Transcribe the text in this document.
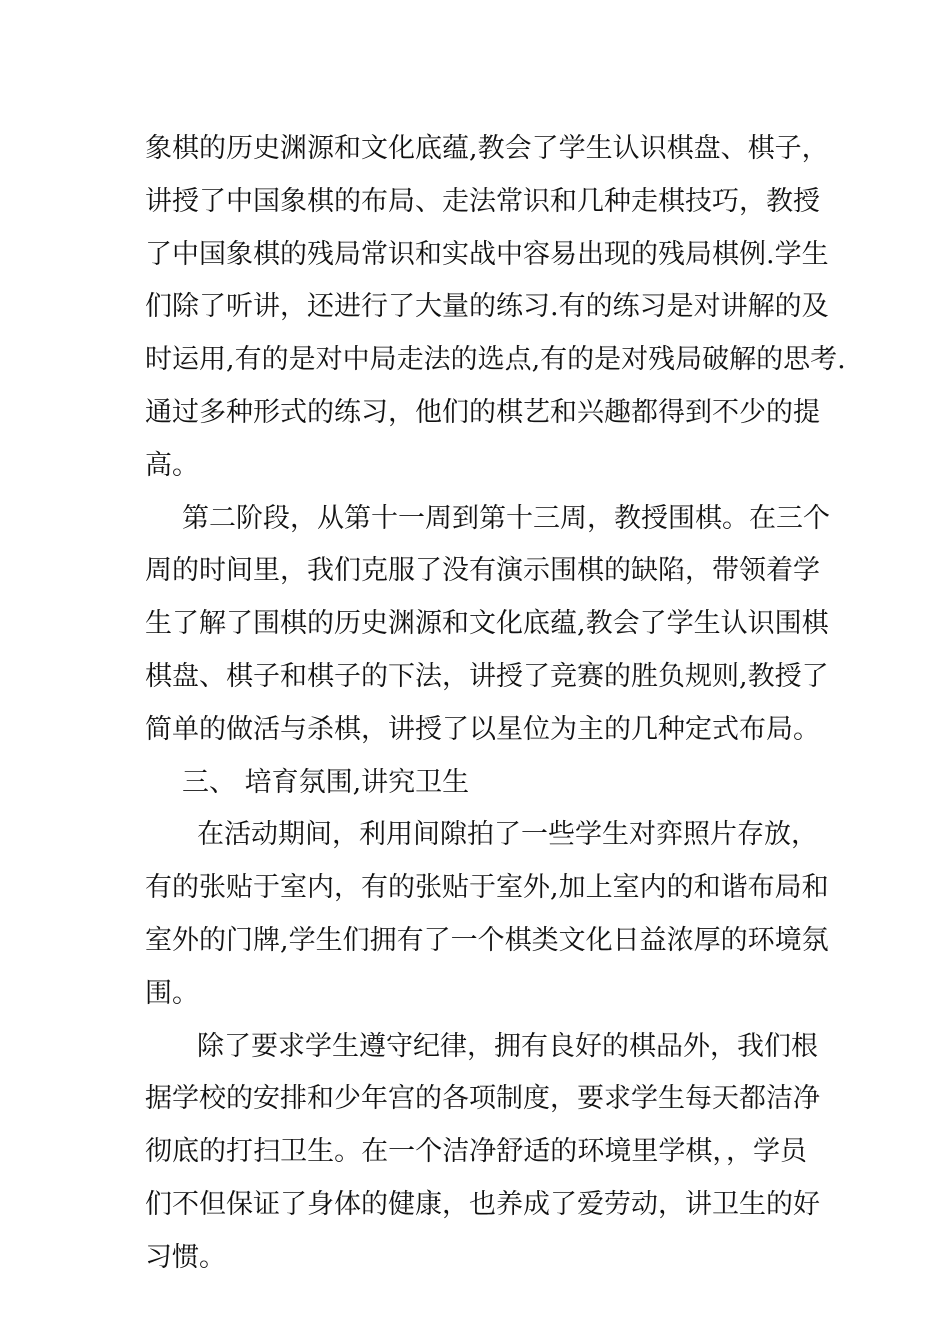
象棋的历史渊源和文化底蕴,教会了学生认识棋盘、棋子，
讲授了中国象棋的布局、走法常识和几种走棋技巧，教授
了中国象棋的残局常识和实战中容易出现的残局棋例.学生
们除了听讲，还进行了大量的练习.有的练习是对讲解的及
时运用,有的是对中局走法的选点,有的是对残局破解的思考.
通过多种形式的练习，他们的棋艺和兴趣都得到不少的提
高。
第二阶段，从第十一周到第十三周，教授围棋。在三个
周的时间里，我们克服了没有演示围棋的缺陷，带领着学
生了解了围棋的历史渊源和文化底蕴,教会了学生认识围棋
棋盘、棋子和棋子的下法，讲授了竞赛的胜负规则,教授了
简单的做活与杀棋，讲授了以星位为主的几种定式布局。
三、 培育氛围,讲究卫生
在活动期间，利用间隙拍了一些学生对弈照片存放，
有的张贴于室内，有的张贴于室外,加上室内的和谐布局和
室外的门牌,学生们拥有了一个棋类文化日益浓厚的环境氛
围。
除了要求学生遵守纪律，拥有良好的棋品外，我们根
据学校的安排和少年宫的各项制度，要求学生每天都洁净
彻底的打扫卫生。在一个洁净舒适的环境里学棋，，学员
们不但保证了身体的健康，也养成了爱劳动，讲卫生的好
习惯。
